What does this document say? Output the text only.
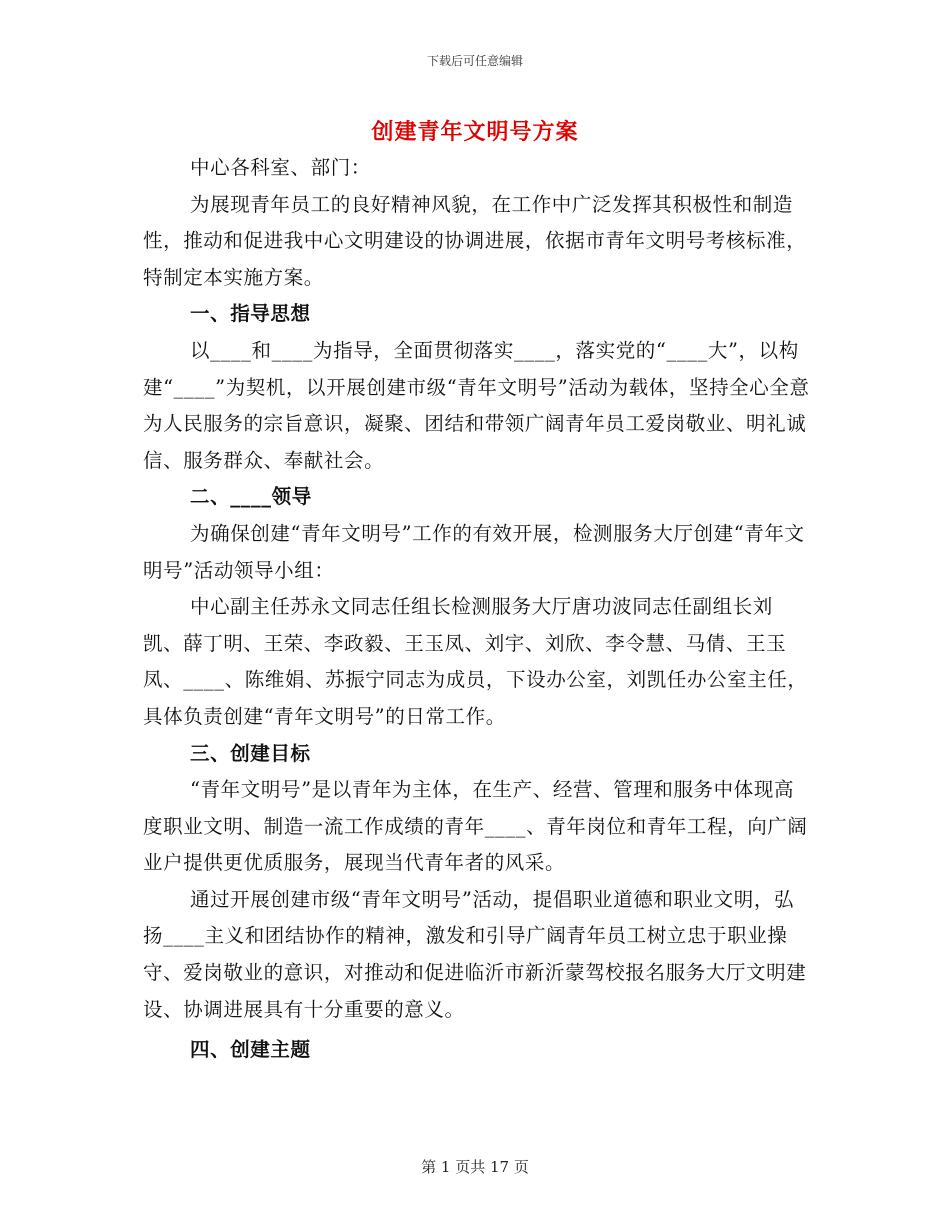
下载后可任意编辑
创建青年文明号方案

中心各科室、部门：

为展现青年员工的良好精神风貌，在工作中广泛发挥其积极性和制造性，推动和促进我中心文明建设的协调进展，依据市青年文明号考核标准，特制定本实施方案。

一、指导思想

以____和____为指导，全面贯彻落实____，落实党的“____大”，以构建“____”为契机，以开展创建市级“青年文明号”活动为载体，坚持全心全意为人民服务的宗旨意识，凝聚、团结和带领广阔青年员工爱岗敬业、明礼诚信、服务群众、奉献社会。

二、____领导

为确保创建“青年文明号”工作的有效开展，检测服务大厅创建“青年文明号”活动领导小组：

中心副主任苏永文同志任组长检测服务大厅唐功波同志任副组长刘凯、薛丁明、王荣、李政毅、王玉凤、刘宇、刘欣、李令慧、马倩、王玉凤、____、陈维娟、苏振宁同志为成员，下设办公室，刘凯任办公室主任，具体负责创建“青年文明号”的日常工作。

三、创建目标

“青年文明号”是以青年为主体，在生产、经营、管理和服务中体现高度职业文明、制造一流工作成绩的青年____、青年岗位和青年工程，向广阔业户提供更优质服务，展现当代青年者的风采。

通过开展创建市级“青年文明号”活动，提倡职业道德和职业文明，弘扬____主义和团结协作的精神，激发和引导广阔青年员工树立忠于职业操守、爱岗敬业的意识，对推动和促进临沂市新沂蒙驾校报名服务大厅文明建设、协调进展具有十分重要的意义。

四、创建主题

第 1 页共 17 页
